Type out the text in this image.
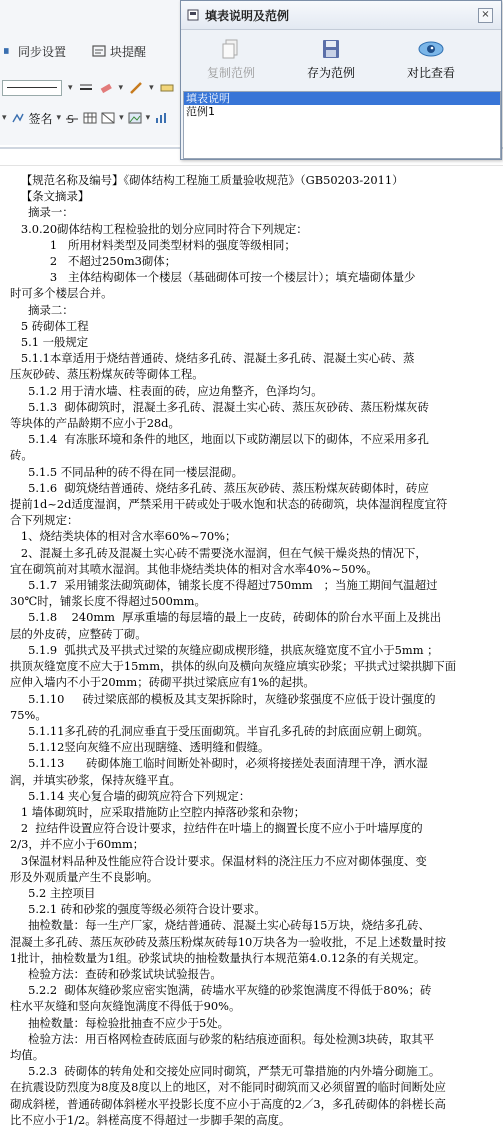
同步设置	块提醒
▾	▾	▾
▾ 签名 ▾ S	▾ ▾
填表说明及范例	×
复制范例	存为范例	对比查看
填表说明
范例1

【规范名称及编号】《砌体结构工程施工质量验收规范》（GB50203-2011）

【条文摘录】

摘录一：

3.0.20砌体结构工程检验批的划分应同时符合下列规定：

1   所用材料类型及同类型材料的强度等级相同；

2   不超过250m3砌体；

3   主体结构砌体一个楼层（基础砌体可按一个楼层计）；填充墙砌体量少

时可多个楼层合并。

摘录二：

5 砖砌体工程

5.1 一般规定

5.1.1本章适用于烧结普通砖、烧结多孔砖、混凝土多孔砖、混凝土实心砖、蒸

压灰砂砖、蒸压粉煤灰砖等砌体工程。

5.1.2 用于清水墙、柱表面的砖，应边角整齐，色泽均匀。

5.1.3  砌体砌筑时，混凝土多孔砖、混凝土实心砖、蒸压灰砂砖、蒸压粉煤灰砖

等块体的产品龄期不应小于28d。

5.1.4  有冻胀环境和条件的地区，地面以下或防潮层以下的砌体，不应采用多孔

砖。

5.1.5 不同品种的砖不得在同一楼层混砌。

5.1.6  砌筑烧结普通砖、烧结多孔砖、蒸压灰砂砖、蒸压粉煤灰砖砌体时，砖应

提前1d~2d适度湿润，严禁采用干砖或处于吸水饱和状态的砖砌筑，块体湿润程度宜符

合下列规定：

1、烧结类块体的相对含水率60%~70%；

2、混凝土多孔砖及混凝土实心砖不需要浇水湿润，但在气候干燥炎热的情况下，

宜在砌筑前对其喷水湿润。其他非烧结类块体的相对含水率40%~50%。

5.1.7  采用铺浆法砌筑砌体，铺浆长度不得超过750mm   ；当施工期间气温超过

30℃时，铺浆长度不得超过500mm。

5.1.8    240mm  厚承重墙的每层墙的最上一皮砖，砖砌体的阶台水平面上及挑出

层的外皮砖，应整砖丁砌。

5.1.9  弧拱式及平拱式过梁的灰缝应砌成楔形缝，拱底灰缝宽度不宜小于5mm ；

拱顶灰缝宽度不应大于15mm，拱体的纵向及横向灰缝应填实砂浆；平拱式过梁拱脚下面

应伸入墙内不小于20mm；砖砌平拱过梁底应有1%的起拱。

5.1.10     砖过梁底部的模板及其支架拆除时，灰缝砂浆强度不应低于设计强度的

75%。

5.1.11多孔砖的孔洞应垂直于受压面砌筑。半盲孔多孔砖的封底面应朝上砌筑。

5.1.12竖向灰缝不应出现瞎缝、透明缝和假缝。

5.1.13      砖砌体施工临时间断处补砌时，必须将接搓处表面清理干净，洒水湿

润，并填实砂浆，保持灰缝平直。

5.1.14 夹心复合墙的砌筑应符合下列规定：

1 墙体砌筑时，应采取措施防止空腔内掉落砂浆和杂物；

2  拉结件设置应符合设计要求，拉结件在叶墙上的搁置长度不应小于叶墙厚度的

2/3，并不应小于60mm；

3保温材料品种及性能应符合设计要求。保温材料的浇注压力不应对砌体强度、变

形及外观质量产生不良影响。

5.2 主控项目

5.2.1 砖和砂浆的强度等级必须符合设计要求。

抽检数量：每一生产厂家，烧结普通砖、混凝土实心砖每15万块，烧结多孔砖、

混凝土多孔砖、蒸压灰砂砖及蒸压粉煤灰砖每10万块各为一验收批，不足上述数量时按

1批计，抽检数量为1组。砂浆试块的抽检数量执行本规范第4.0.12条的有关规定。

检验方法：查砖和砂浆试块试验报告。

5.2.2  砌体灰缝砂浆应密实饱满，砖墙水平灰缝的砂浆饱满度不得低于80%；砖

柱水平灰缝和竖向灰缝饱满度不得低于90%。

抽检数量：每检验批抽查不应少于5处。

检验方法：用百格网检查砖底面与砂浆的粘结痕迹面积。每处检测3块砖，取其平

均值。

5.2.3  砖砌体的转角处和交接处应同时砌筑，严禁无可靠措施的内外墙分砌施工。

在抗震设防烈度为8度及8度以上的地区，对不能同时砌筑而又必须留置的临时间断处应

砌成斜槎，普通砖砌体斜槎水平投影长度不应小于高度的2／3，多孔砖砌体的斜槎长高

比不应小于1/2。斜槎高度不得超过一步脚手架的高度。
